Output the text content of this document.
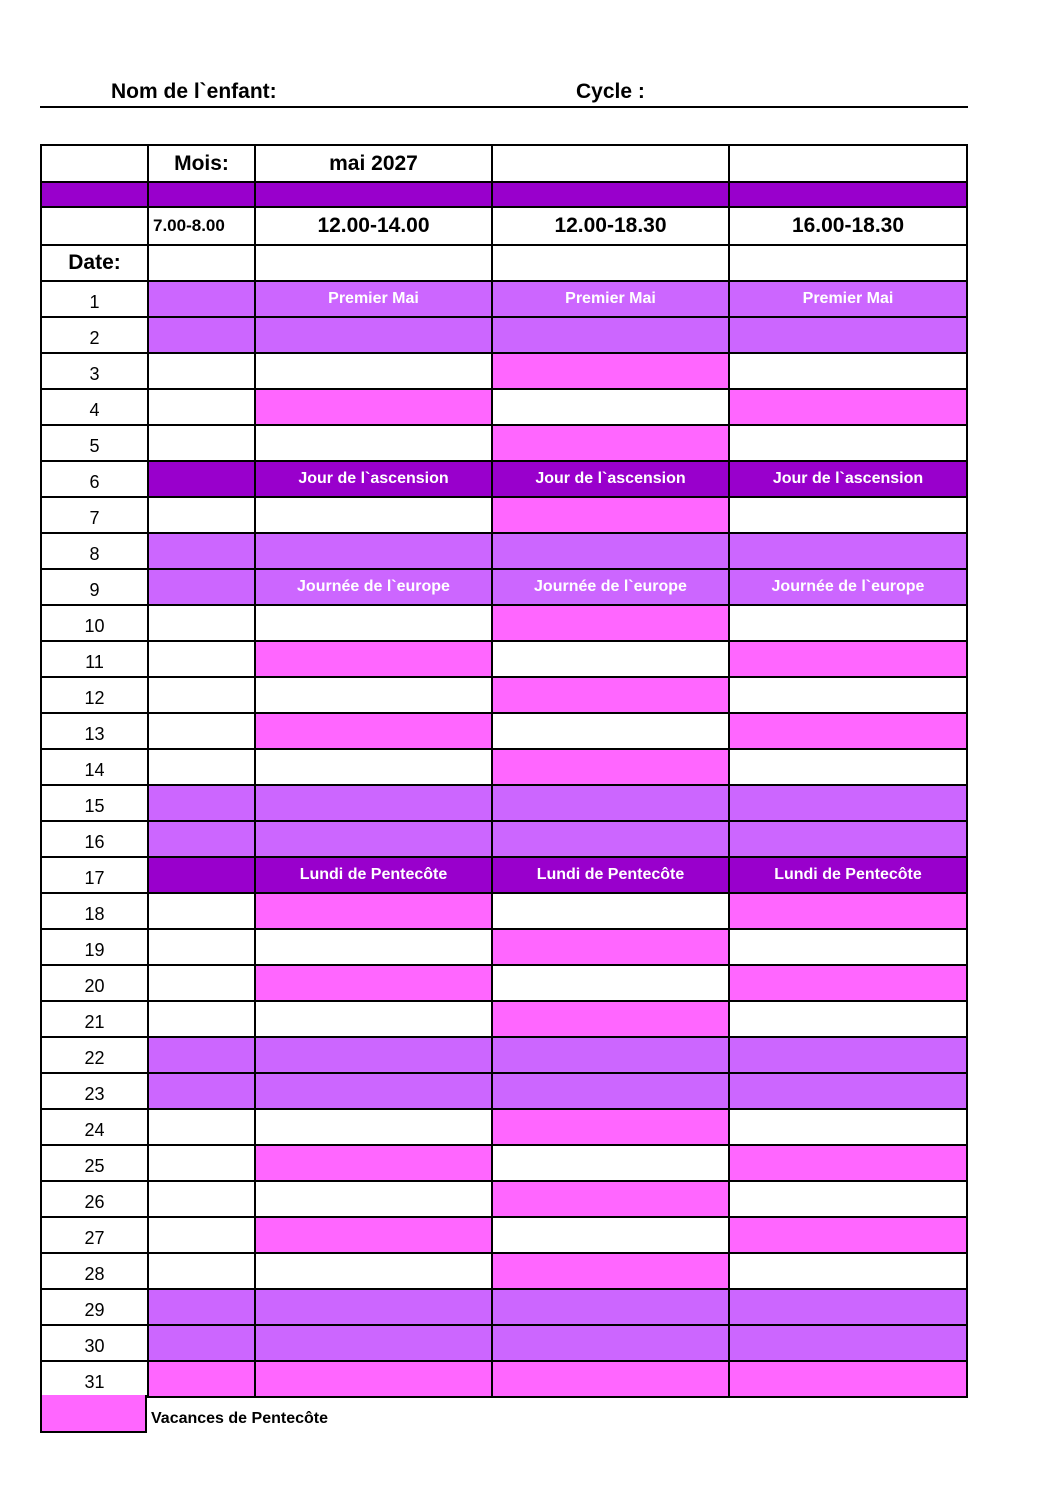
Nom de l`enfant:	Cycle :
	Mois:	mai 2027		

	7.00-8.00	12.00-14.00	12.00-18.30	16.00-18.30
Date:				
1		Premier Mai	Premier Mai	Premier Mai
2				
3				
4				
5				
6		Jour de l`ascension	Jour de l`ascension	Jour de l`ascension
7				
8				
9		Journée de l`europe	Journée de l`europe	Journée de l`europe
10				
11				
12				
13				
14				
15				
16				
17		Lundi de Pentecôte	Lundi de Pentecôte	Lundi de Pentecôte
18				
19				
20				
21				
22				
23				
24				
25				
26				
27				
28				
29				
30				
31				
Vacances de Pentecôte
